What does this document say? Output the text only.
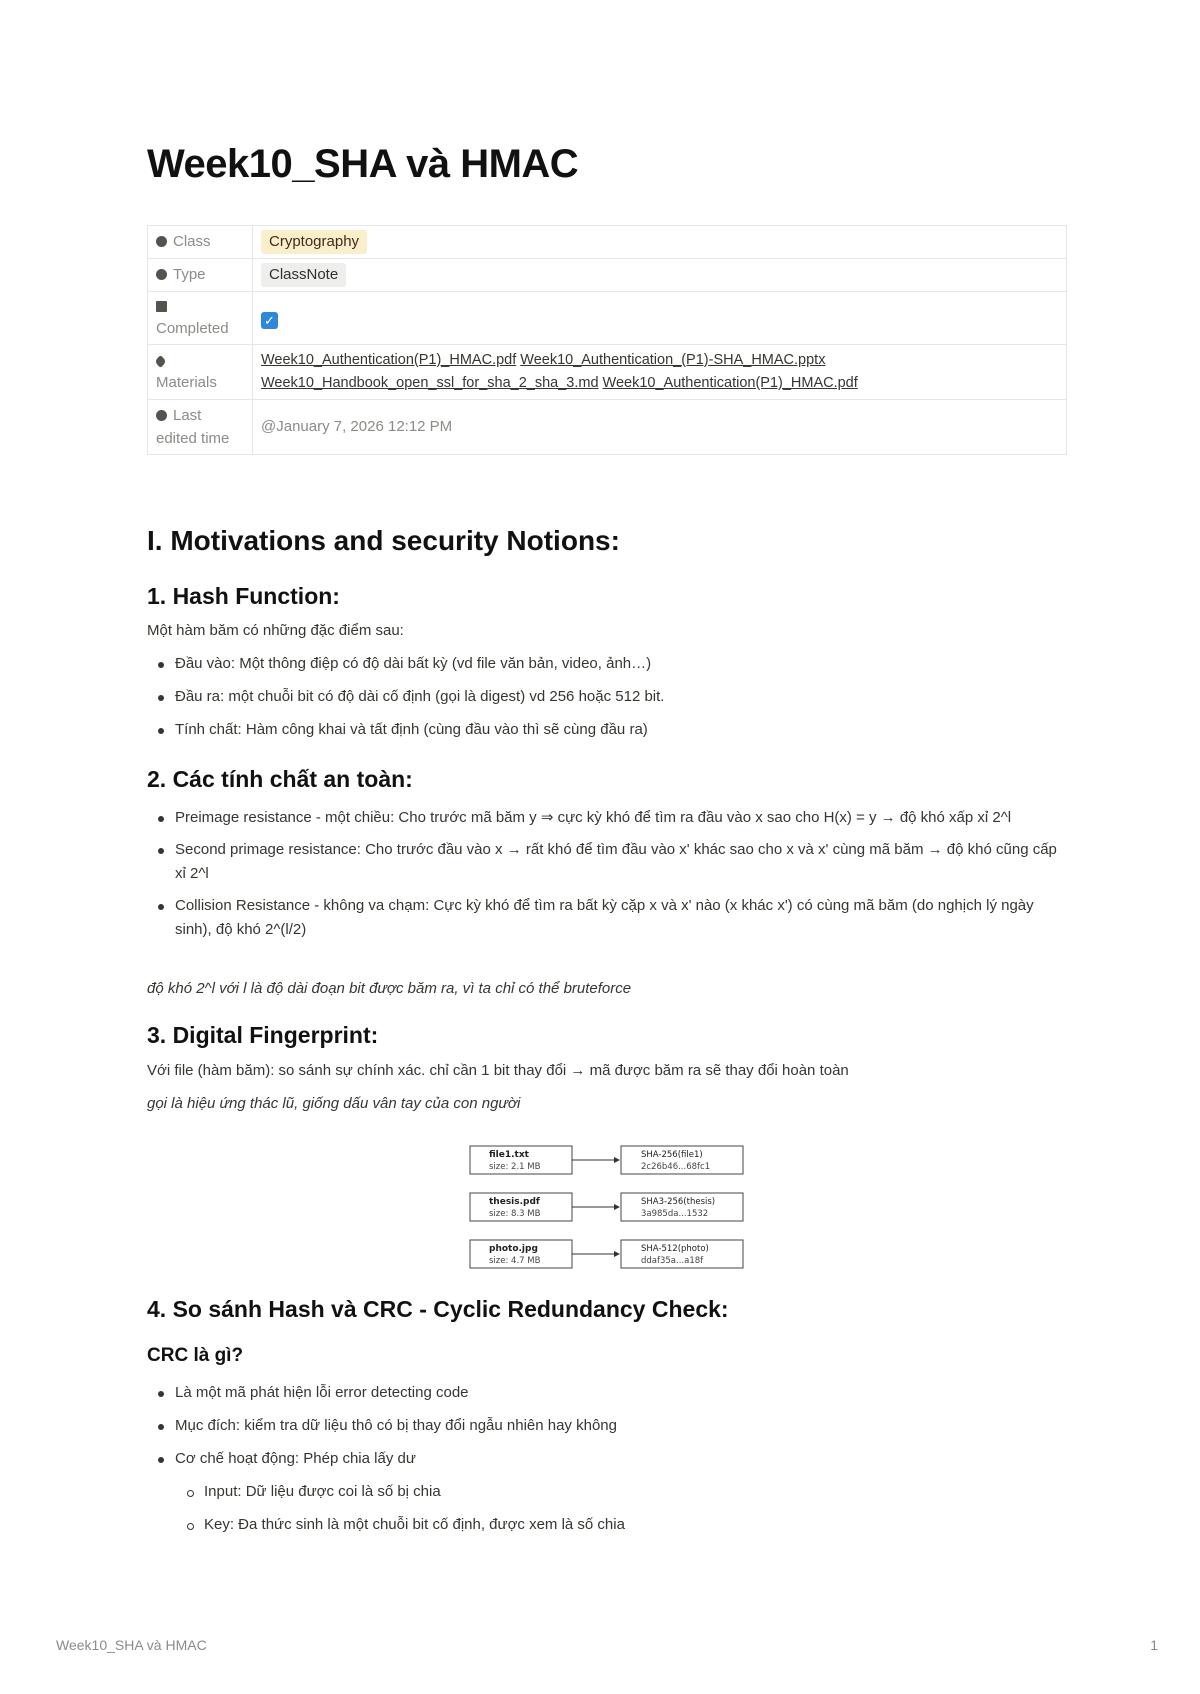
Week10_SHA và HMAC
Class	Cryptography
Type	ClassNote

Completed	✓

Materials	Week10_Authentication(P1)_HMAC.pdf Week10_Authentication_(P1)-SHA_HMAC.pptx Week10_Handbook_open_ssl_for_sha_2_sha_3.md Week10_Authentication(P1)_HMAC.pdf
Last edited time	@January 7, 2026 12:12 PM
I. Motivations and security Notions:
1. Hash Function:

Một hàm băm có những đặc điểm sau:

Đầu vào: Một thông điệp có độ dài bất kỳ (vd file văn bản, video, ảnh…)
Đầu ra: một chuỗi bit có độ dài cố định (gọi là digest) vd 256 hoặc 512 bit.
Tính chất: Hàm công khai và tất định (cùng đầu vào thì sẽ cùng đầu ra)
2. Các tính chất an toàn:
Preimage resistance - một chiều: Cho trước mã băm y ⇒ cực kỳ khó để tìm ra đầu vào x sao cho H(x) = y → độ khó xấp xỉ 2^l
Second primage resistance: Cho trước đầu vào x → rất khó để tìm đầu vào x' khác sao cho x và x' cùng mã băm → độ khó cũng cấp xỉ 2^l
Collision Resistance - không va chạm: Cực kỳ khó để tìm ra bất kỳ cặp x và x' nào (x khác x') có cùng mã băm (do nghịch lý ngày sinh), độ khó 2^(l/2)

độ khó 2^l với l là độ dài đoạn bit được băm ra, vì ta chỉ có thể bruteforce

3. Digital Fingerprint:

Với file (hàm băm): so sánh sự chính xác. chỉ cần 1 bit thay đổi → mã được băm ra sẽ thay đổi hoàn toàn

gọi là hiệu ứng thác lũ, giống dấu vân tay của con người

4. So sánh Hash và CRC - Cyclic Redundancy Check:
CRC là gì?
Là một mã phát hiện lỗi error detecting code
Mục đích: kiểm tra dữ liệu thô có bị thay đổi ngẫu nhiên hay không
Cơ chế hoạt động: Phép chia lấy dư
Input: Dữ liệu được coi là số bị chia
Key: Đa thức sinh là một chuỗi bit cố định, được xem là số chia
file1.txt
size: 2.1 MB
SHA-256(file1)
2c26b46...68fc1
thesis.pdf
size: 8.3 MB
SHA3-256(thesis)
3a985da...1532
photo.jpg
size: 4.7 MB
SHA-512(photo)
ddaf35a...a18f
Week10_SHA và HMAC	1
